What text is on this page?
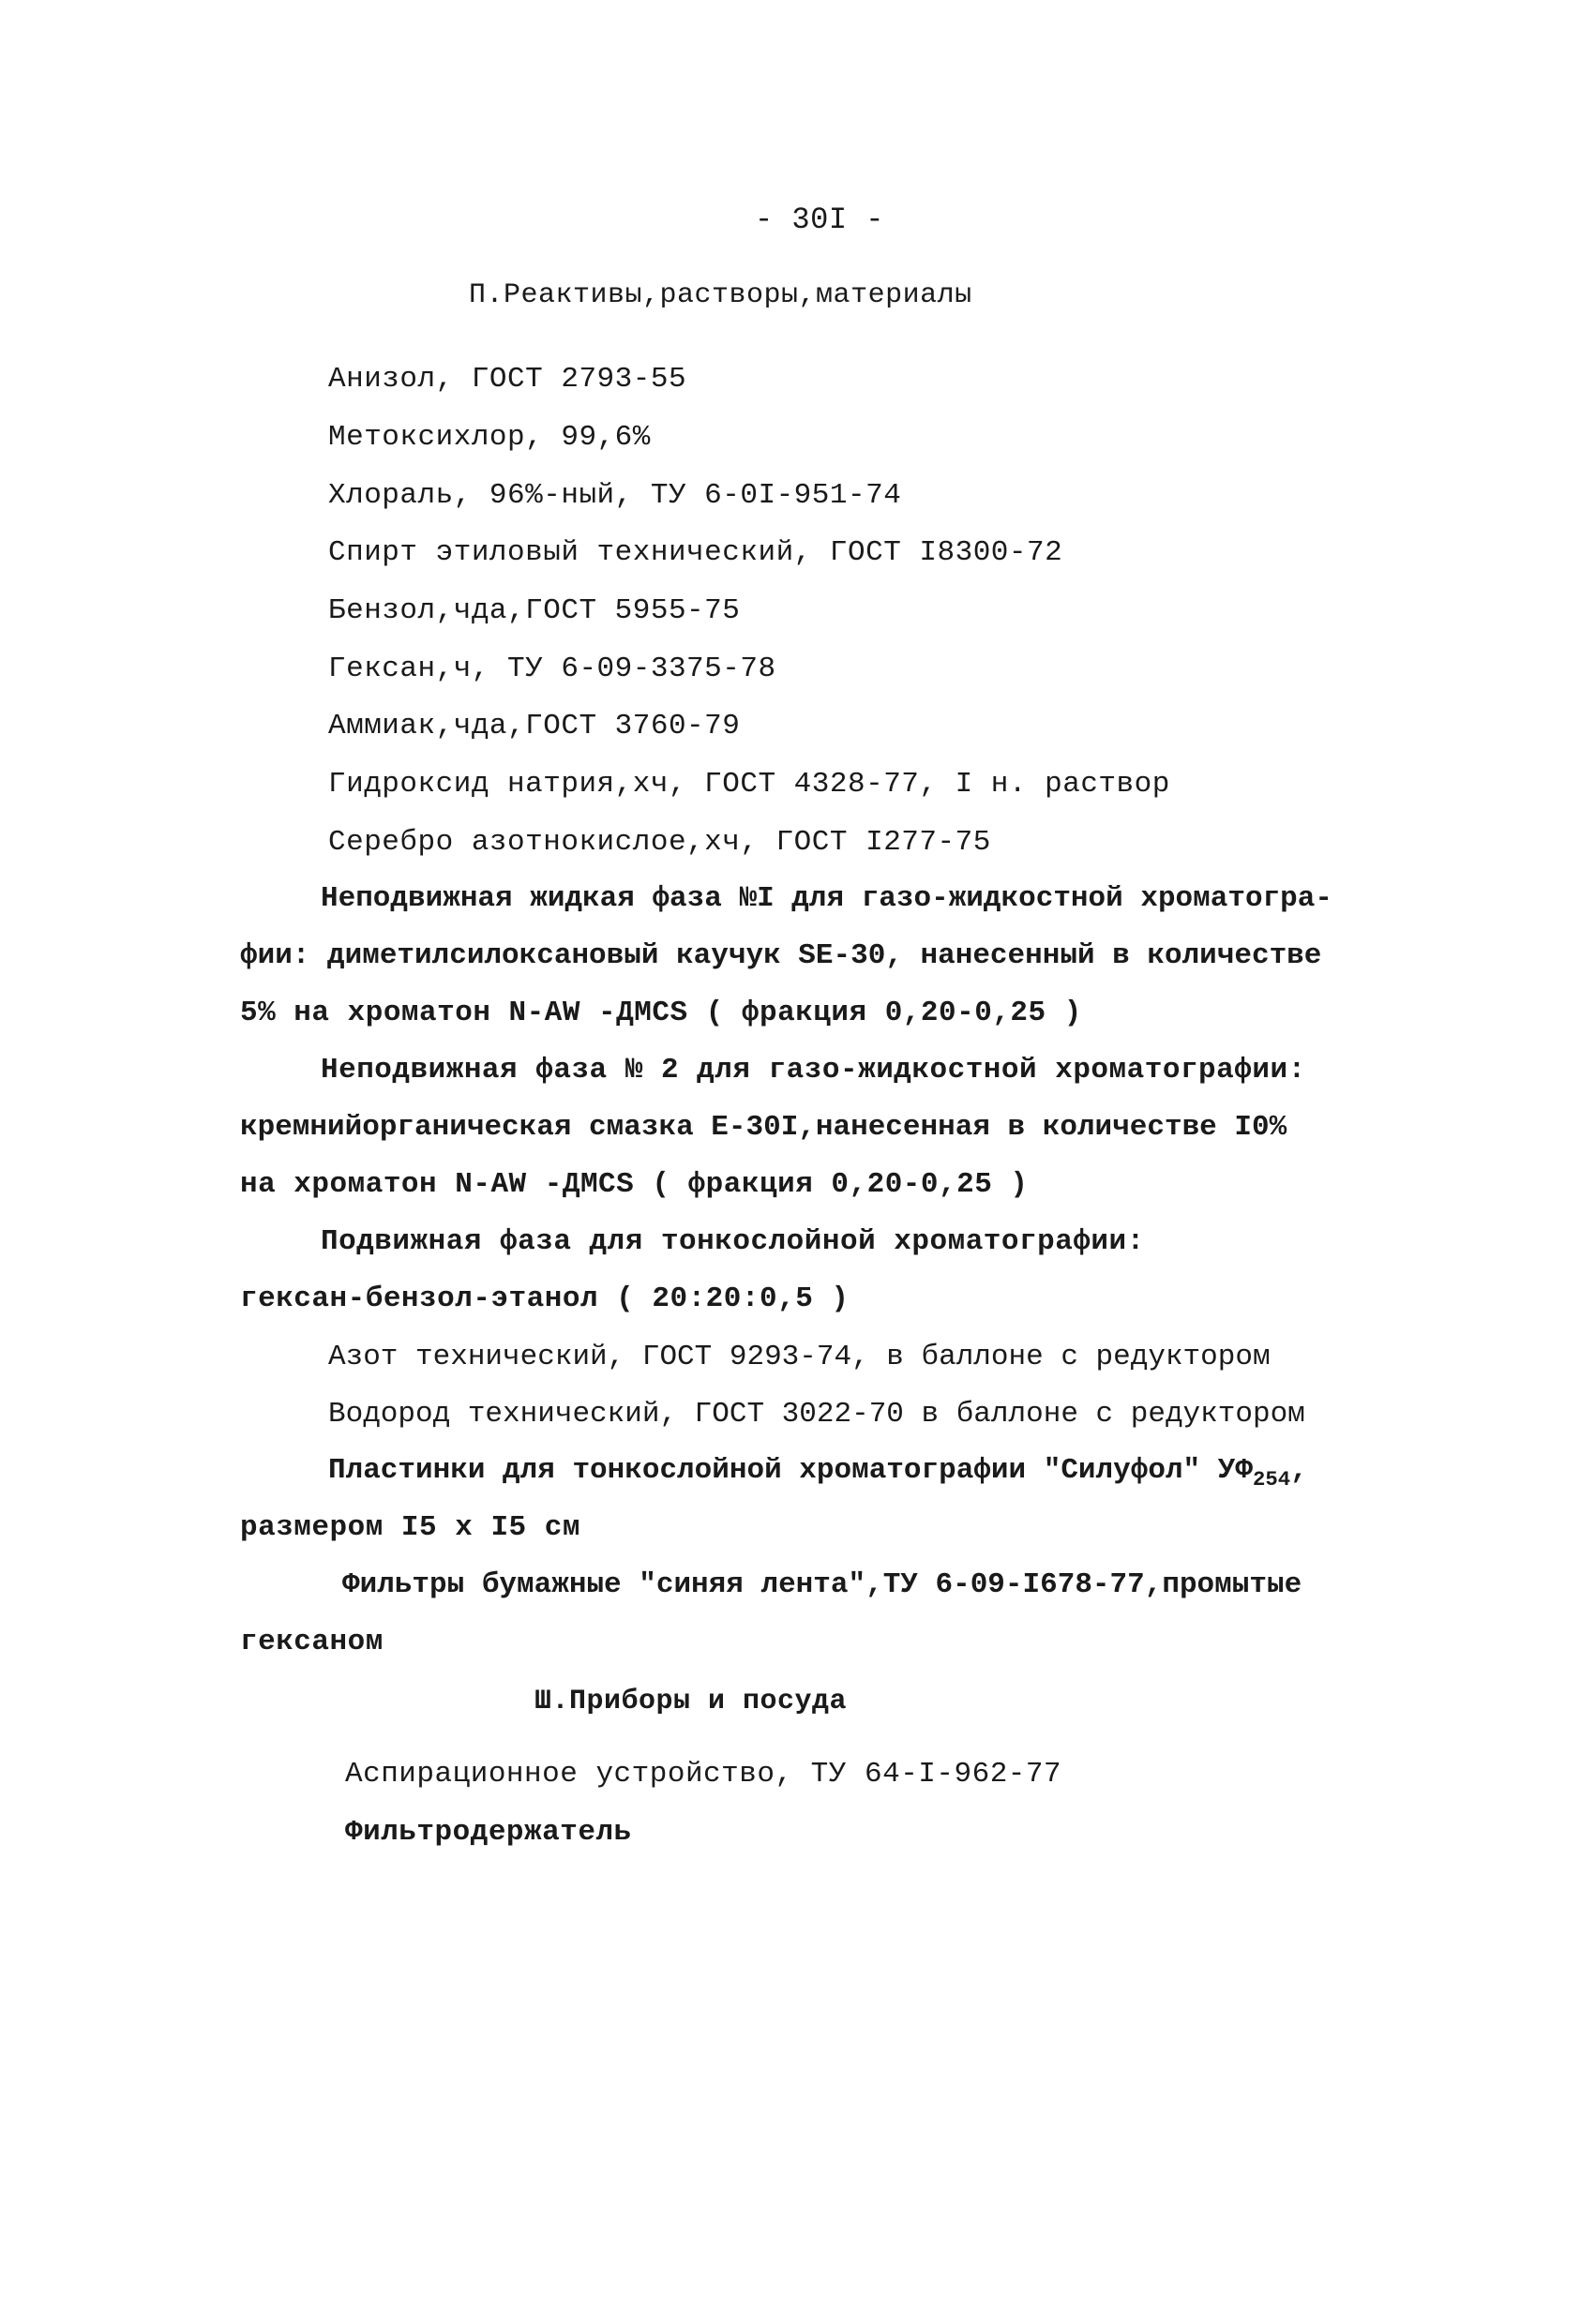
- 30I -
П.Реактивы,растворы,материалы
Анизол, ГОСТ 2793-55
Метоксихлор, 99,6%
Хлораль, 96%-ный, ТУ 6-0I-951-74
Спирт этиловый технический, ГОСТ I8300-72
Бензол,чда,ГОСТ 5955-75
Гексан,ч, ТУ 6-09-3375-78
Аммиак,чда,ГОСТ 3760-79
Гидроксид натрия,хч, ГОСТ 4328-77, I н. раствор
Серебро азотнокислое,хч, ГОСТ I277-75
Неподвижная жидкая фаза №I для газо-жидкостной хроматогра-
фии: диметилсилоксановый каучук SE-30, нанесенный в количестве
5% на хроматон N-AW -ДМСS ( фракция 0,20-0,25 )
Неподвижная фаза № 2 для газо-жидкостной хроматографии:
кремнийорганическая смазка E-30I,нанесенная в количестве I0%
на хроматон N-AW -ДМСS ( фракция 0,20-0,25 )
Подвижная фаза для тонкослойной хроматографии:
гексан-бензол-этанол ( 20:20:0,5 )
Азот технический, ГОСТ 9293-74, в баллоне с редуктором
Водород технический, ГОСТ 3022-70 в баллоне с редуктором
Пластинки для тонкослойной хроматографии "Силуфол" $УФ_{254}$,
размером I5 x I5 см
Фильтры бумажные "синяя лента",ТУ 6-09-I678-77,промытые
гексаном
Ш.Приборы и посуда
Аспирационное устройство, ТУ 64-I-962-77
Фильтродержатель
